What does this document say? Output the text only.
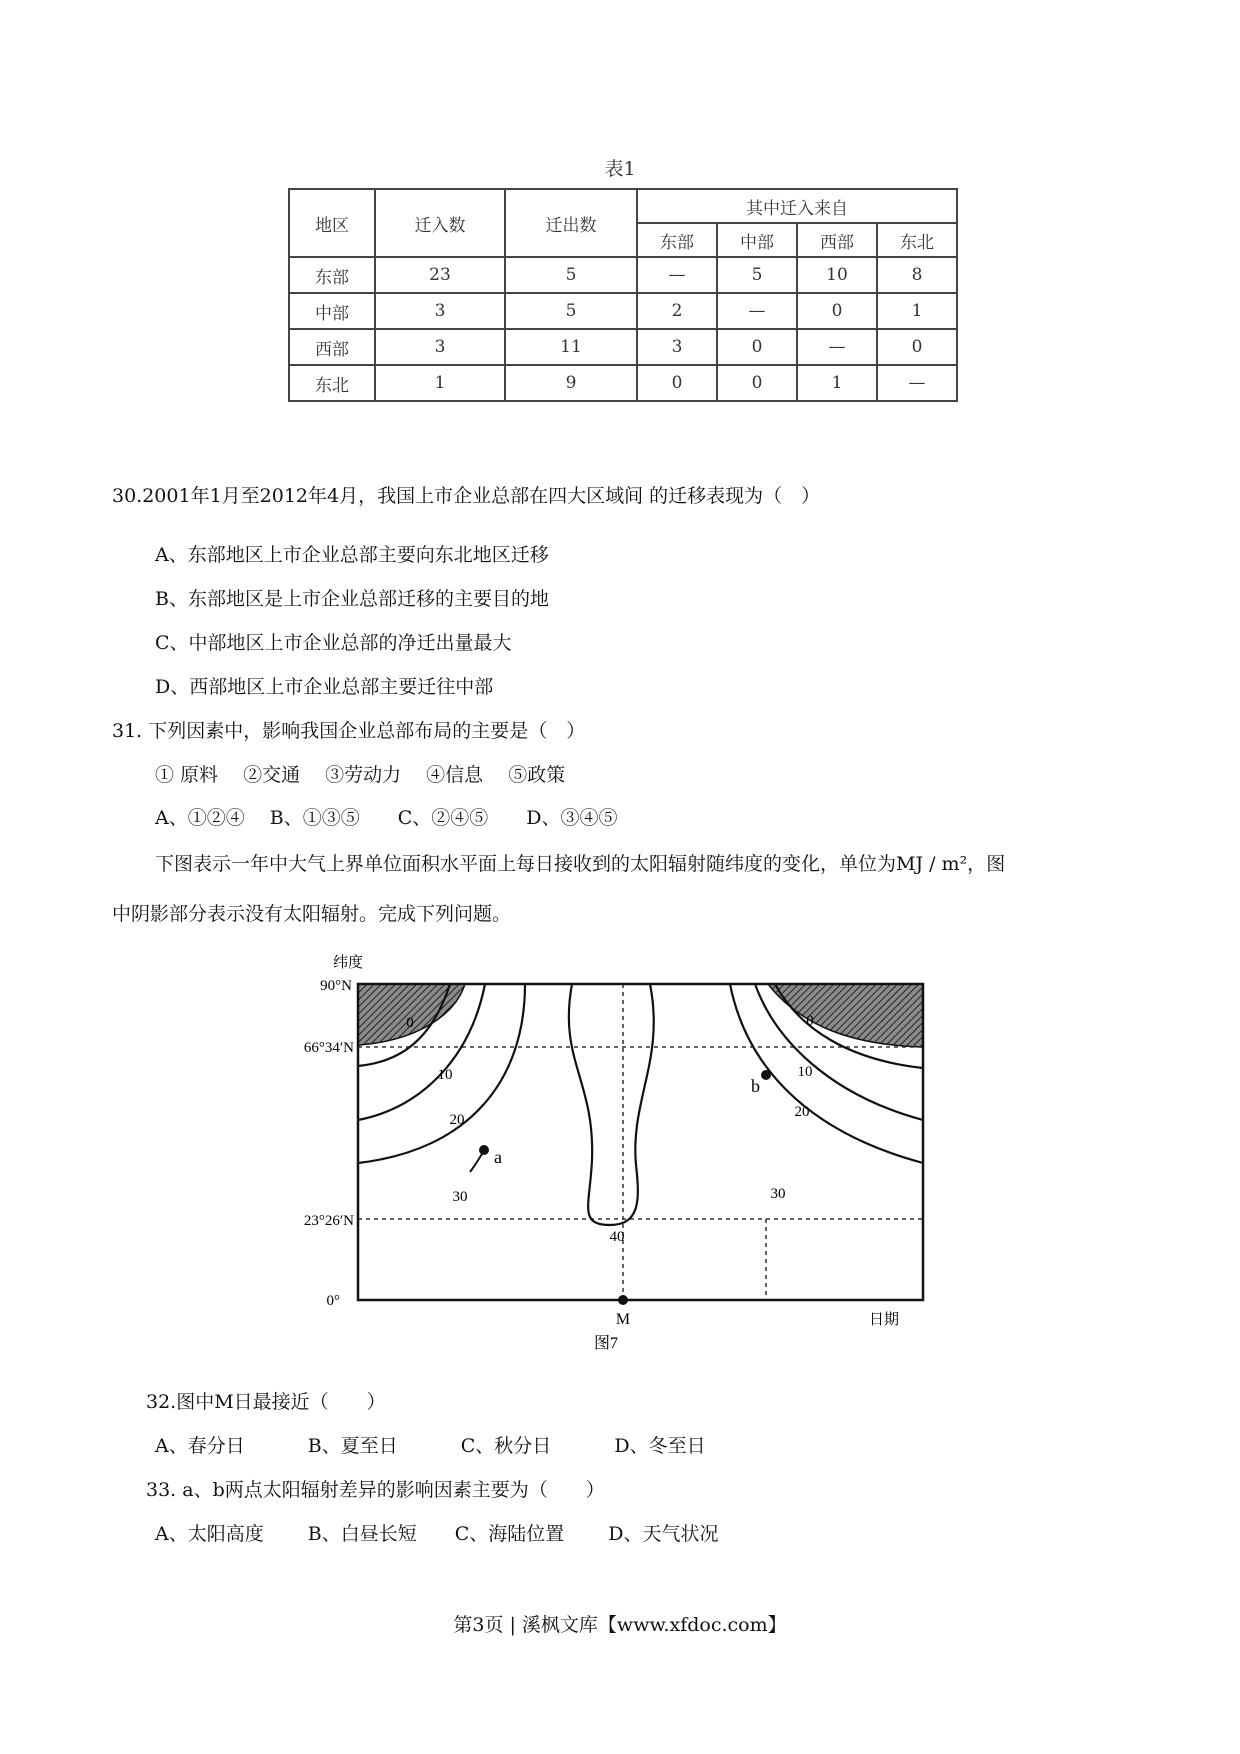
表1
地区	迁入数	迁出数	其中迁入来自			
			东部	中部	西部	东北
东部	23	5	—	5	10	8
中部	3	5	2	—	0	1
西部	3	11	3	0	—	0
东北	1	9	0	0	1	—
30.2001年1月至2012年4月，我国上市企业总部在四大区域间 的迁移表现为（　）
A、东部地区上市企业总部主要向东北地区迁移
B、东部地区是上市企业总部迁移的主要目的地
C、中部地区上市企业总部的净迁出量最大
D、西部地区上市企业总部主要迁往中部
31. 下列因素中，影响我国企业总部布局的主要是（　）
① 原料　 ②交通　 ③劳动力　 ④信息　 ⑤政策
A、①②④　 B、①③⑤　　C、②④⑤　　D、③④⑤
下图表示一年中大气上界单位面积水平面上每日接收到的太阳辐射随纬度的变化，单位为MJ / m²，图
中阴影部分表示没有太阳辐射。完成下列问题。
纬度
90°N
66°34′N
23°26′N
0°
0
10
20
30
40
30
20
10
0
a
b
M	日期
图7
32.图中M日最接近（　　）
A、春分日　　　 B、夏至日　　　 C、秋分日　　　 D、冬至日
33. a、b两点太阳辐射差异的影响因素主要为（　　）
A、太阳高度　　 B、白昼长短　　C、海陆位置　　 D、天气状况
第3页 | 溪枫文库【www.xfdoc.com】
